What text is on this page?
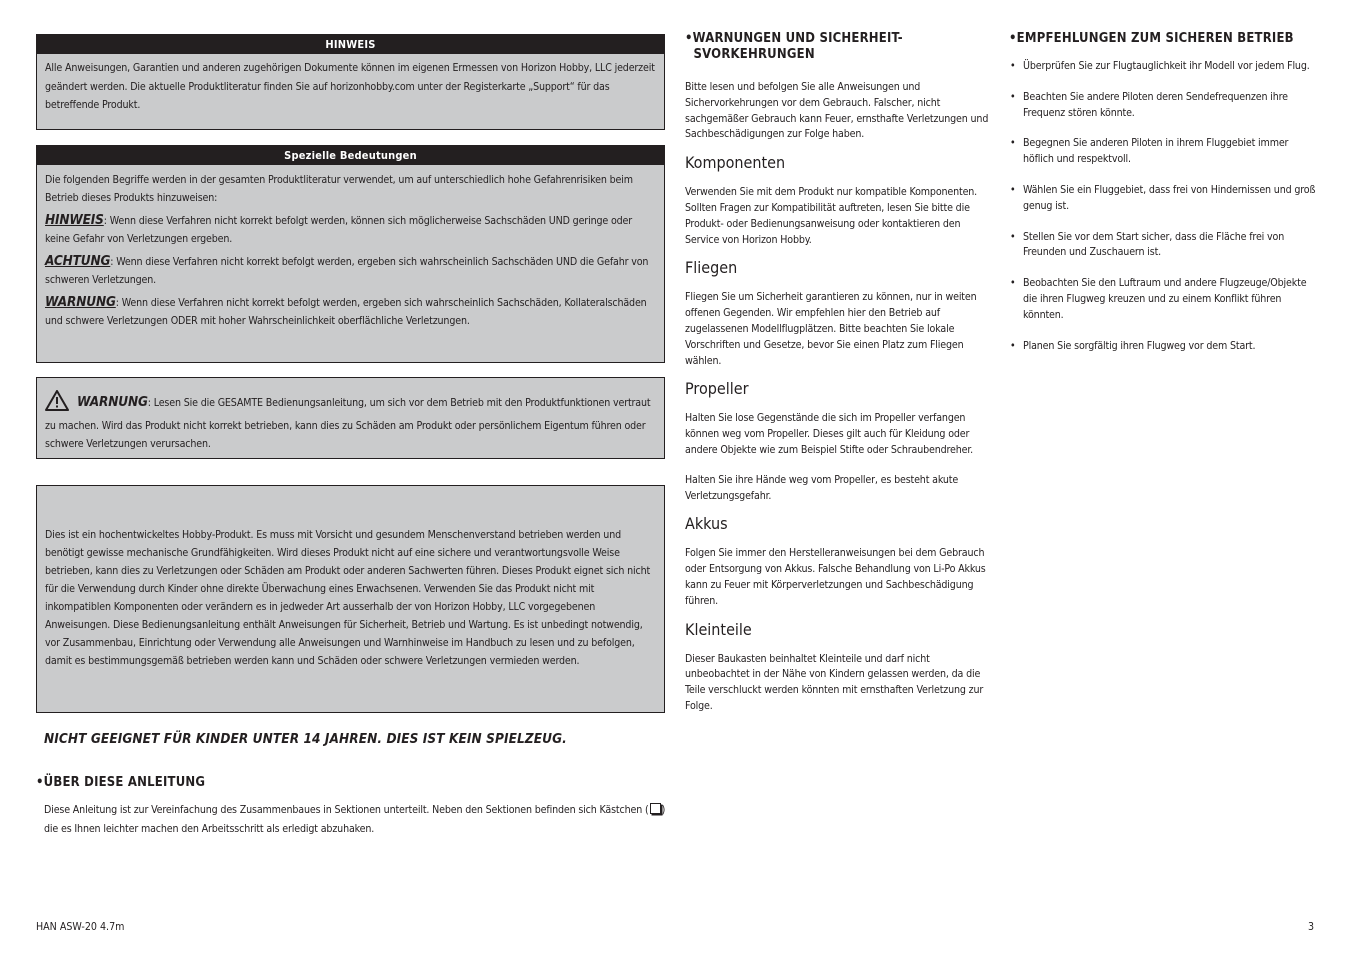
HINWEIS

Alle Anweisungen, Garantien und anderen zugehörigen Dokumente können im eigenen Ermessen von Horizon Hobby, LLC jederzeit geändert werden. Die aktuelle Produktliteratur finden Sie auf horizonhobby.com unter der Registerkarte „Support“ für das betreffende Produkt.

Spezielle Bedeutungen

Die folgenden Begriffe werden in der gesamten Produktliteratur verwendet, um auf unterschiedlich hohe Gefahrenrisiken beim Betrieb dieses Produkts hinzuweisen:

HINWEIS: Wenn diese Verfahren nicht korrekt befolgt werden, können sich möglicherweise Sachschäden UND geringe oder keine Gefahr von Verletzungen ergeben.

ACHTUNG: Wenn diese Verfahren nicht korrekt befolgt werden, ergeben sich wahrscheinlich Sachschäden UND die Gefahr von schweren Verletzungen.

WARNUNG: Wenn diese Verfahren nicht korrekt befolgt werden, ergeben sich wahrscheinlich Sachschäden, Kollateralschäden und schwere Verletzungen ODER mit hoher Wahrscheinlichkeit oberflächliche Verletzungen.

WARNUNG: Lesen Sie die GESAMTE Bedienungsanleitung, um sich vor dem Betrieb mit den Produktfunktionen vertraut zu machen. Wird das Produkt nicht korrekt betrieben, kann dies zu Schäden am Produkt oder persönlichem Eigentum führen oder schwere Verletzungen verursachen.

Dies ist ein hochentwickeltes Hobby-Produkt. Es muss mit Vorsicht und gesundem Menschenverstand betrieben werden und benötigt gewisse mechanische Grundfähigkeiten. Wird dieses Produkt nicht auf eine sichere und verantwortungsvolle Weise betrieben, kann dies zu Verletzungen oder Schäden am Produkt oder anderen Sachwerten führen. Dieses Produkt eignet sich nicht für die Verwendung durch Kinder ohne direkte Überwachung eines Erwachsenen. Verwenden Sie das Produkt nicht mit inkompatiblen Komponenten oder verändern es in jedweder Art ausserhalb der von Horizon Hobby, LLC vorgegebenen Anweisungen. Diese Bedienungsanleitung enthält Anweisungen für Sicherheit, Betrieb und Wartung. Es ist unbedingt notwendig, vor Zusammenbau, Einrichtung oder Verwendung alle Anweisungen und Warnhinweise im Handbuch zu lesen und zu befolgen, damit es bestimmungsgemäß betrieben werden kann und Schäden oder schwere Verletzungen vermieden werden.

NICHT GEEIGNET FÜR KINDER UNTER 14 JAHREN. DIES IST KEIN SPIELZEUG.
•ÜBER DIESE ANLEITUNG

Diese Anleitung ist zur Vereinfachung des Zusammenbaues in Sektionen unterteilt. Neben den Sektionen befinden sich Kästchen ( ) die es Ihnen leichter machen den Arbeitsschritt als erledigt abzuhaken.

•WARNUNGEN UND SICHERHEIT-  SVORKEHRUNGEN

Bitte lesen und befolgen Sie alle Anweisungen und Sichervorkehrungen vor dem Gebrauch. Falscher, nicht sachgemäßer Gebrauch kann Feuer, ernsthafte Verletzungen und Sachbeschädigungen zur Folge haben.

Komponenten

Verwenden Sie mit dem Produkt nur kompatible Komponenten. Sollten Fragen zur Kompatibilität auftreten, lesen Sie bitte die Produkt- oder Bedienungsanweisung oder kontaktieren den Service von Horizon Hobby.

Fliegen

Fliegen Sie um Sicherheit garantieren zu können, nur in weiten offenen Gegenden. Wir empfehlen hier den Betrieb auf zugelassenen Modellflugplätzen. Bitte beachten Sie lokale Vorschriften und Gesetze, bevor Sie einen Platz zum Fliegen wählen.

Propeller

Halten Sie lose Gegenstände die sich im Propeller verfangen können weg vom Propeller. Dieses gilt auch für Kleidung oder andere Objekte wie zum Beispiel Stifte oder Schraubendreher.

Halten Sie ihre Hände weg vom Propeller, es besteht akute Verletzungsgefahr.

Akkus

Folgen Sie immer den Herstelleranweisungen bei dem Gebrauch oder Entsorgung von Akkus. Falsche Behandlung von Li-Po Akkus kann zu Feuer mit Körperverletzungen und Sachbeschädigung führen.

Kleinteile

Dieser Baukasten beinhaltet Kleinteile und darf nicht unbeobachtet in der Nähe von Kindern gelassen werden, da die Teile verschluckt werden könnten mit ernsthaften Verletzung zur Folge.

•EMPFEHLUNGEN ZUM SICHEREN BETRIEB
• Überprüfen Sie zur Flugtauglichkeit ihr Modell vor jedem Flug.
• Beachten Sie andere Piloten deren Sendefrequenzen ihre Frequenz stören könnte.
• Begegnen Sie anderen Piloten in ihrem Fluggebiet immer höflich und respektvoll.
• Wählen Sie ein Fluggebiet, dass frei von Hindernissen und groß genug ist.
• Stellen Sie vor dem Start sicher, dass die Fläche frei von Freunden und Zuschauern ist.
• Beobachten Sie den Luftraum und andere Flugzeuge/Objekte die ihren Flugweg kreuzen und zu einem Konflikt führen könnten.
• Planen Sie sorgfältig ihren Flugweg vor dem Start.
HAN ASW-20 4.7m	3
